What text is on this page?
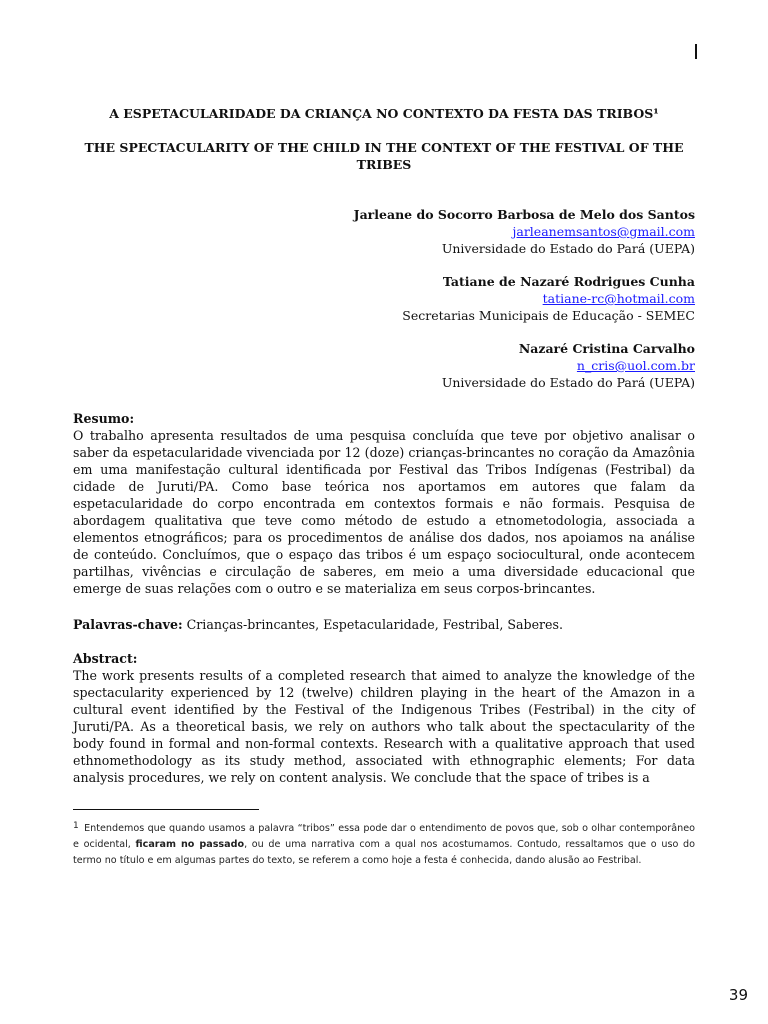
A ESPETACULARIDADE DA CRIANÇA NO CONTEXTO DA FESTA DAS TRIBOS¹
THE SPECTACULARITY OF THE CHILD IN THE CONTEXT OF THE FESTIVAL OF THE TRIBES
Jarleane do Socorro Barbosa de Melo dos Santos
jarleanemsantos@gmail.com
Universidade do Estado do Pará (UEPA)
Tatiane de Nazaré Rodrigues Cunha
tatiane-rc@hotmail.com
Secretarias Municipais de Educação - SEMEC
Nazaré Cristina Carvalho
n_cris@uol.com.br
Universidade do Estado do Pará (UEPA)
Resumo:
O trabalho apresenta resultados de uma pesquisa concluída que teve por objetivo analisar o saber da espetacularidade vivenciada por 12 (doze) crianças-brincantes no coração da Amazônia em uma manifestação cultural identificada por Festival das Tribos Indígenas (Festribal) da cidade de Juruti/PA. Como base teórica nos aportamos em autores que falam da espetacularidade do corpo encontrada em contextos formais e não formais. Pesquisa de abordagem qualitativa que teve como método de estudo a etnometodologia, associada a elementos etnográficos; para os procedimentos de análise dos dados, nos apoiamos na análise de conteúdo. Concluímos, que o espaço das tribos é um espaço sociocultural, onde acontecem partilhas, vivências e circulação de saberes, em meio a uma diversidade educacional que emerge de suas relações com o outro e se materializa em seus corpos-brincantes.
Palavras-chave: Crianças-brincantes, Espetacularidade, Festribal, Saberes.
Abstract:
The work presents results of a completed research that aimed to analyze the knowledge of the spectacularity experienced by 12 (twelve) children playing in the heart of the Amazon in a cultural event identified by the Festival of the Indigenous Tribes (Festribal) in the city of Juruti/PA. As a theoretical basis, we rely on authors who talk about the spectacularity of the body found in formal and non-formal contexts. Research with a qualitative approach that used ethnomethodology as its study method, associated with ethnographic elements; For data analysis procedures, we rely on content analysis. We conclude that the space of tribes is a
$^1$ Entendemos que quando usamos a palavra “tribos” essa pode dar o entendimento de povos que, sob o olhar contemporâneo e ocidental, ficaram no passado, ou de uma narrativa com a qual nos acostumamos. Contudo, ressaltamos que o uso do termo no título e em algumas partes do texto, se referem a como hoje a festa é conhecida, dando alusão ao Festribal.
39
